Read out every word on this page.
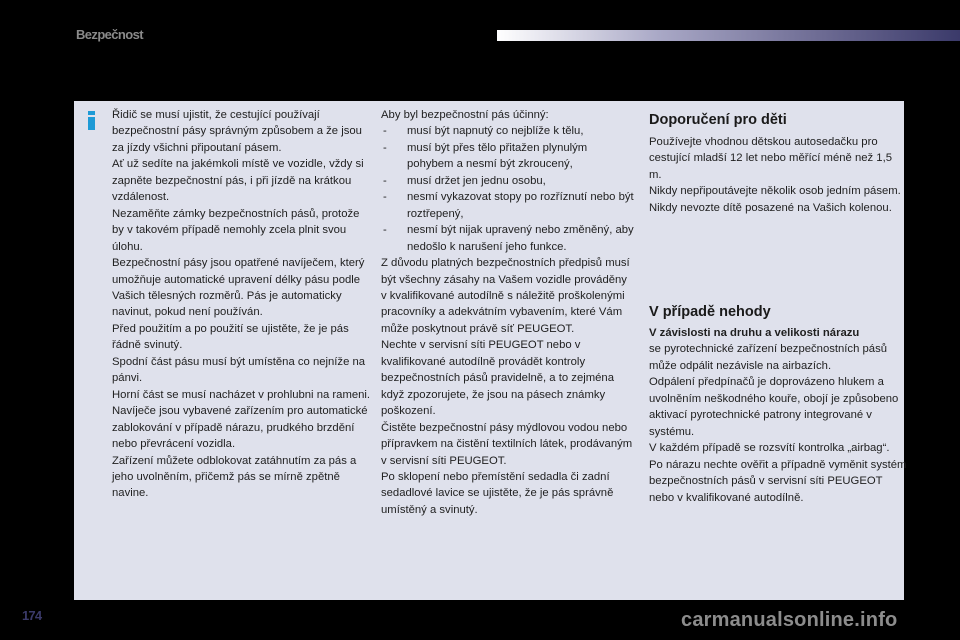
Bezpečnost

Řidič se musí ujistit, že cestující používají bezpečnostní pásy správným způsobem a že jsou za jízdy všichni připoutaní pásem.

Ať už sedíte na jakémkoli místě ve vozidle, vždy si zapněte bezpečnostní pás, i při jízdě na krátkou vzdálenost.

Nezaměňte zámky bezpečnostních pásů, protože by v takovém případě nemohly zcela plnit svou úlohu.

Bezpečnostní pásy jsou opatřené navíječem, který umožňuje automatické upravení délky pásu podle Vašich tělesných rozměrů. Pás je automaticky navinut, pokud není používán.

Před použitím a po použití se ujistěte, že je pás řádně svinutý.

Spodní část pásu musí být umístěna co nejníže na pánvi.

Horní část se musí nacházet v prohlubni na rameni.

Navíječe jsou vybavené zařízením pro automatické zablokování v případě nárazu, prudkého brzdění nebo převrácení vozidla.

Zařízení můžete odblokovat zatáhnutím za pás a jeho uvolněním, přičemž pás se mírně zpětně navine.

Aby byl bezpečnostní pás účinný:

-	musí být napnutý co nejblíže k tělu,
-	musí být přes tělo přitažen plynulým pohybem a nesmí být zkroucený,
-	musí držet jen jednu osobu,
-	nesmí vykazovat stopy po rozříznutí nebo být roztřepený,
-	nesmí být nijak upravený nebo změněný, aby nedošlo k narušení jeho funkce.

Z důvodu platných bezpečnostních předpisů musí být všechny zásahy na Vašem vozidle prováděny v kvalifikované autodílně s náležitě proškolenými pracovníky a adekvátním vybavením, které Vám může poskytnout právě síť PEUGEOT.

Nechte v servisní síti PEUGEOT nebo v kvalifikované autodílně provádět kontroly bezpečnostních pásů pravidelně, a to zejména když zpozorujete, že jsou na pásech známky poškození.

Čistěte bezpečnostní pásy mýdlovou vodou nebo přípravkem na čistění textilních látek, prodávaným v servisní síti PEUGEOT.

Po sklopení nebo přemístění sedadla či zadní sedadlové lavice se ujistěte, že je pás správně umístěný a svinutý.

Doporučení pro děti

Používejte vhodnou dětskou autosedačku pro cestující mladší 12 let nebo měřící méně než 1,5 m.

Nikdy nepřipoutávejte několik osob jedním pásem.

Nikdy nevozte dítě posazené na Vašich kolenou.

V případě nehody

V závislosti na druhu a velikosti nárazu
se pyrotechnické zařízení bezpečnostních pásů může odpálit nezávisle na airbazích.

Odpálení předpínačů je doprovázeno hlukem a uvolněním neškodného kouře, obojí je způsobeno aktivací pyrotechnické patrony integrované v systému.

V každém případě se rozsvítí kontrolka „airbag“.

Po nárazu nechte ověřit a případně vyměnit systém bezpečnostních pásů v servisní síti PEUGEOT nebo v kvalifikované autodílně.

174	carmanualsonline.info
